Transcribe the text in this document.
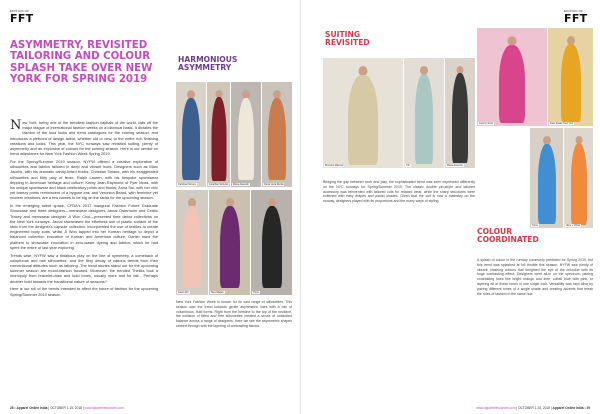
EDITION OF
FFT
ASYMMETRY, REVISITED TAILORING AND COLOUR SPLASH TAKE OVER NEW YORK FOR SPRING 2019

New York, being one of the trendiest fashion capitals of the world, falls off the major league of international fashion weeks on a biannual basis. It dictates the fashion of the loud looks and trend catalogues for the coming season, and introduces a plethora of design talent, whether old or new, to the entire rich finishing creations and looks. This year, the NYC runways saw revisited suiting, plenty of asymmetry and an explosion of colours for the coming season. Here is our verdict on trend milestones for New York Fashion Week Spring 2019.

For the Spring/Summer 2019 season, NYFW offered a creative exploration of silhouettes and fabrics tailored in deep and vibrant hues. Designers such as Marc Jacobs, with his dramatic candy-tinted frocks; Christian Siriano, with his exaggerated silhouettes and flirty play of fever; Ralph Lauren, with his bespoke sportswear dripping in American heritage and culture; Kerby Jean-Raymond of Pyer Moss, with his unique sportswear and black celebratory prints and frocks; Anna Sui, with her chic yet breezy prints reminiscent of a bygone era; and Veronica Beard, with feminine yet modern creations, are a few names to be big on the radar for the upcoming season.

In the emerging talent space, CFDA's 2017 Inaugural Fashion Future Graduate Showcase and three designers—menswear designers Jamal Osterholm and Cedric Tracey and menswear designer Ji Won Choi—presented their debut collections on the New York runways. Jamal showcased the effortless use of plastic surface of the stoic from the designer's capsule collection, incorporated the use of textiles to create engineered body suits, whilst Ji Won tapped into her Korean heritage to depict a balanced collection evocative of Korean and American culture. Daniel used the platform to showcase innovation in zero-waste dyeing and fabrics, which he had spent the entire of last year exploring.

Trends wise, NYFW saw a flirtatious play on the line of symmetry, a comeback of voluptuous and raw silhouettes, and the fiery decay of various trends from their conventional attitudes such as tailoring. The trend stories stand out for the upcoming summer season are mood-fashion focused. Moreover, the trended Thekks took a monopoly from bracelet-draw and bold tones, usually more and for fall... Perhaps another bold towards the transitional nature of seasons?

Here is our roll of the trends intended to affect the future of fashion for the upcoming Spring/Summer 2019 season.

HARMONIOUS ASYMMETRY
Carolina Herrera	Jonathan Simkhai	Rosie Assoulin	Oscar de la Renta
Jason Wu	Sies Marjan	Tome

New York Fashion Week is known for its vast range of silhouettes. This season saw the trend towards gentle asymmetric lines with a mix of voluminous, fluid forms. Right from the hemline to the top of the neckline, the collision of fitted and free silhouettes created a sense of unstudied balance across a range of designers. Here we see the asymmetric shapes carried through with the layering of contrasting fabrics.

28 • Apparel Online India | OCTOBER 1-15, 2018 | www.apparelresources.com
EDITION OF
FFT
SUITING REVISITED
Brandon Maxwell	Tibi	Rosie Assoulin

Bridging the gap between work and play, the sophisticated trend was seen expressed differently on the NYC runways for Spring/Summer 2019. The classic double pin-stripe and tailored accessory was reinvented with tailored cuts for relaxed wear, while the sharp structures were softened with easy drapes and pastel shades. Given that the suit is now a mainstay on the runway, designers played with its proportions and the many ways of styling.

Jeremy Scott	Kate Spade New York
Tome	Alice + Olivia
COLOUR COORDINATED

A splash of colour in the runway commonly predicted for Spring 2019, but this trend was splashed at full throttle this season. NYFW saw plenty of vibrant, clashing colours that delighted the eye of the onlooker with its huge contrasting effect. Designers went all-in on the spectrum, pairing contrasting hues like bright orange and lime, cobalt blue with pink, or layering all of these tones in one single look. Versatility was kept alive by pairing different tones of a single shade and creating accents that break the rules of fashion in the same hue.

www.apparelresources.com | OCTOBER 1-15, 2018 | Apparel Online India • 29
